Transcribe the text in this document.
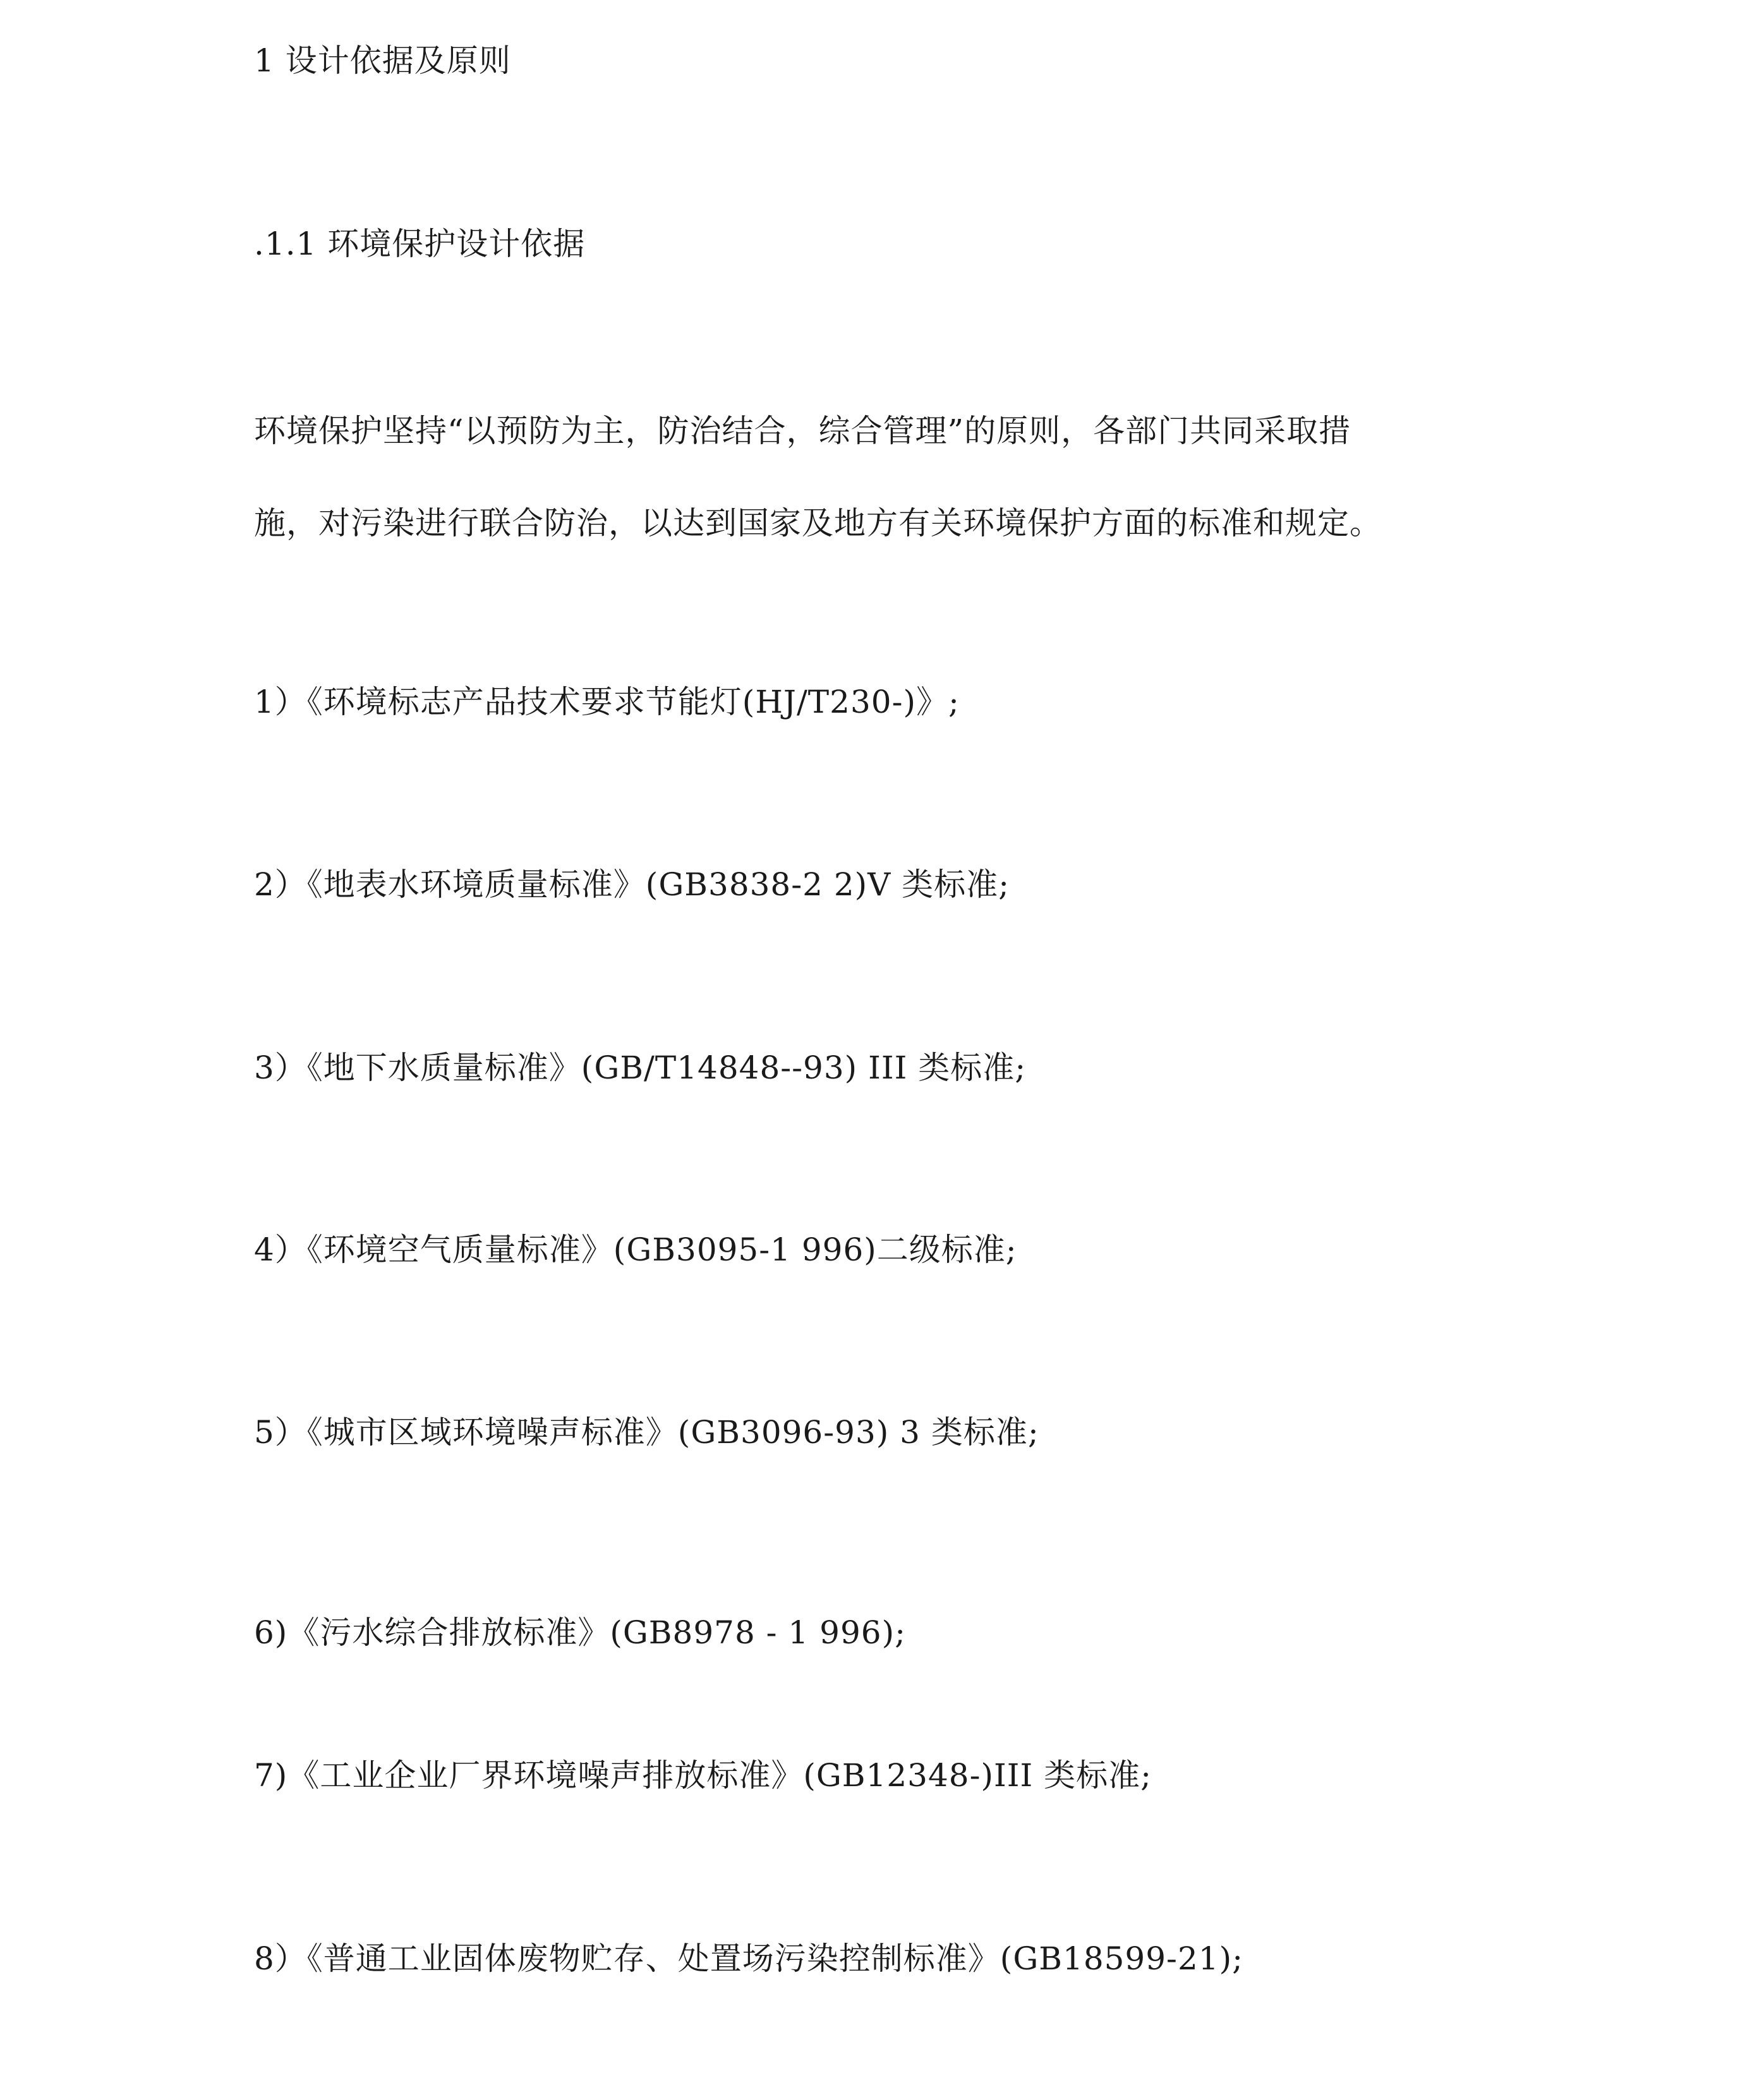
1 设计依据及原则
.1.1 环境保护设计依据
环境保护坚持“以预防为主，防治结合，综合管理”的原则，各部门共同采取措
施，对污染进行联合防治，以达到国家及地方有关环境保护方面的标准和规定。
1）《环境标志产品技术要求节能灯(HJ/T230-)》;
2）《地表水环境质量标准》(GB3838-2 2)V 类标准;
3）《地下水质量标准》(GB/T14848--93) III 类标准;
4）《环境空气质量标准》(GB3095-1 996)二级标准;
5）《城市区域环境噪声标准》(GB3096-93) 3 类标准;
6)《污水综合排放标准》(GB8978 - 1 996);
7)《工业企业厂界环境噪声排放标准》(GB12348-)III 类标准;
8）《普通工业固体废物贮存、处置场污染控制标准》(GB18599-21);
